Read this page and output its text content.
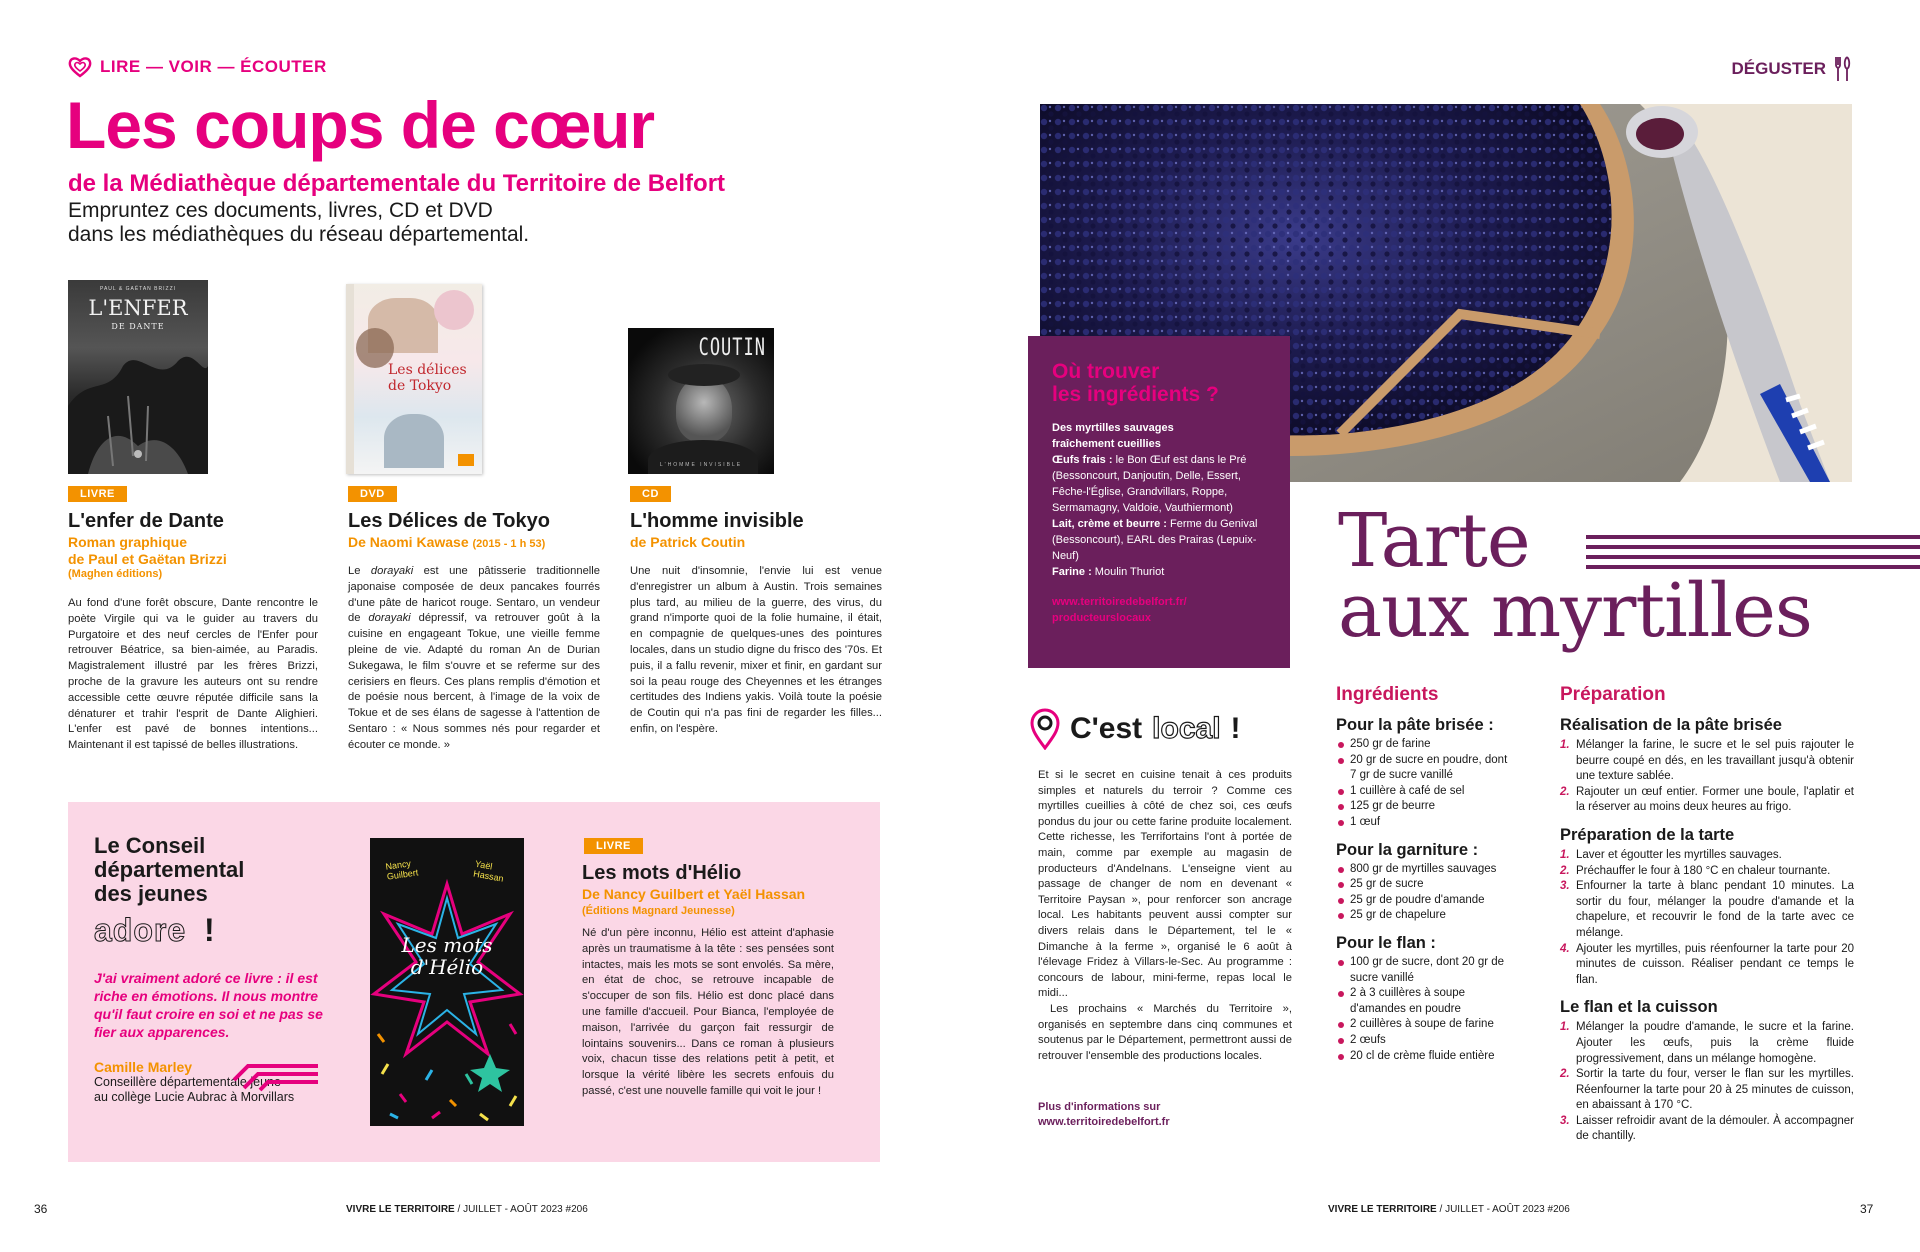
LIRE — VOIR — ÉCOUTER
Les coups de cœur
de la Médiathèque départementale du Territoire de Belfort
Empruntez ces documents, livres, CD et DVD
dans les médiathèques du réseau départemental.
PAUL & GAËTAN BRIZZI
L'ENFER
DE DANTE
LIVRE
L'enfer de Dante
Roman graphique
de Paul et Gaëtan Brizzi
(Maghen éditions)
Au fond d'une forêt obscure, Dante rencontre le poète Virgile qui va le guider au travers du Purgatoire et des neuf cercles de l'Enfer pour retrouver Béatrice, sa bien-aimée, au Paradis. Magistralement illustré par les frères Brizzi, proche de la gravure les auteurs ont su rendre accessible cette œuvre réputée difficile sans la dénaturer et trahir l'esprit de Dante Alighieri. L'enfer est pavé de bonnes intentions... Maintenant il est tapissé de belles illustrations.
Les délices de Tokyo
DVD
Les Délices de Tokyo
De Naomi Kawase (2015 - 1 h 53)
Le dorayaki est une pâtisserie traditionnelle japonaise composée de deux pancakes fourrés d'une pâte de haricot rouge. Sentaro, un vendeur de dorayaki dépressif, va retrouver goût à la cuisine en engageant Tokue, une vieille femme pleine de vie. Adapté du roman An de Durian Sukegawa, le film s'ouvre et se referme sur des cerisiers en fleurs. Ces plans remplis d'émotion et de poésie nous bercent, à l'image de la voix de Tokue et de ses élans de sagesse à l'attention de Sentaro : « Nous sommes nés pour regarder et écouter ce monde. »
COUTIN
L'HOMME INVISIBLE
CD
L'homme invisible
de Patrick Coutin
Une nuit d'insomnie, l'envie lui est venue d'enregistrer un album à Austin. Trois semaines plus tard, au milieu de la guerre, des virus, du grand n'importe quoi de la folie humaine, il était, en compagnie de quelques-unes des pointures locales, dans un studio digne du frisco des '70s. Et puis, il a fallu revenir, mixer et finir, en gardant sur soi la peau rouge des Cheyennes et les étranges certitudes des Indiens yakis. Voilà toute la poésie de Coutin qui n'a pas fini de regarder les filles... enfin, on l'espère.
Le Conseil
départemental
des jeunes
adore !
J'ai vraiment adoré ce livre : il est riche en émotions. Il nous montre qu'il faut croire en soi et ne pas se fier aux apparences.
Camille Marley
Conseillère départementale jeune
au collège Lucie Aubrac à Morvillars
Nancy Guilbert
Yaël Hassan
Les mots
d'Hélio
LIVRE
Les mots d'Hélio
De Nancy Guilbert et Yaël Hassan
(Éditions Magnard Jeunesse)
Né d'un père inconnu, Hélio est atteint d'aphasie après un traumatisme à la tête : ses pensées sont intactes, mais les mots se sont envolés. Sa mère, en état de choc, se retrouve incapable de s'occuper de son fils. Hélio est donc placé dans une famille d'accueil. Pour Bianca, l'employée de maison, l'arrivée du garçon fait ressurgir de lointains souvenirs... Dans ce roman à plusieurs voix, chacun tisse des relations petit à petit, et lorsque la vérité libère les secrets enfouis du passé, c'est une nouvelle famille qui voit le jour !
36	VIVRE LE TERRITOIRE / JUILLET - AOÛT 2023 #206
DÉGUSTER
Où trouver
les ingrédients ?

Des myrtilles sauvages
fraîchement cueillies

Œufs frais : le Bon Œuf est dans le Pré (Bessoncourt, Danjoutin, Delle, Essert, Fêche-l'Église, Grandvillars, Roppe, Sermamagny, Valdoie, Vauthiermont)

Lait, crème et beurre : Ferme du Genival (Bessoncourt), EARL des Prairas (Lepuix-Neuf)

Farine : Moulin Thuriot

www.territoiredebelfort.fr/
producteurslocaux
Tarte
aux myrtilles
C'est local !
Et si le secret en cuisine tenait à ces produits simples et naturels du terroir ? Comme ces myrtilles cueillies à côté de chez soi, ces œufs pondus du jour ou cette farine produite localement. Cette richesse, les Terrifortains l'ont à portée de main, comme par exemple au magasin de producteurs d'Andelnans. L'enseigne vient au passage de changer de nom en devenant « Territoire Paysan », pour renforcer son ancrage local. Les habitants peuvent aussi compter sur divers relais dans le Département, tel le « Dimanche à la ferme », organisé le 6 août à l'élevage Fridez à Villars-le-Sec. Au programme : concours de labour, mini-ferme, repas local le midi...
Les prochains « Marchés du Territoire », organisés en septembre dans cinq communes et soutenus par le Département, permettront aussi de retrouver l'ensemble des productions locales.
Plus d'informations sur
www.territoiredebelfort.fr
Ingrédients
Pour la pâte brisée :
250 gr de farine
20 gr de sucre en poudre, dont 7 gr de sucre vanillé
1 cuillère à café de sel
125 gr de beurre
1 œuf
Pour la garniture :
800 gr de myrtilles sauvages
25 gr de sucre
25 gr de poudre d'amande
25 gr de chapelure
Pour le flan :
100 gr de sucre, dont 20 gr de sucre vanillé
2 à 3 cuillères à soupe d'amandes en poudre
2 cuillères à soupe de farine
2 œufs
20 cl de crème fluide entière
Préparation
Réalisation de la pâte brisée
1. Mélanger la farine, le sucre et le sel puis rajouter le beurre coupé en dés, en les travaillant jusqu'à obtenir une texture sablée.
2. Rajouter un œuf entier. Former une boule, l'aplatir et la réserver au moins deux heures au frigo.
Préparation de la tarte
1. Laver et égoutter les myrtilles sauvages.
2. Préchauffer le four à 180 °C en chaleur tournante.
3. Enfourner la tarte à blanc pendant 10 minutes. La sortir du four, mélanger la poudre d'amande et la chapelure, et recouvrir le fond de la tarte avec ce mélange.
4. Ajouter les myrtilles, puis réenfourner la tarte pour 20 minutes de cuisson. Réaliser pendant ce temps le flan.
Le flan et la cuisson
1. Mélanger la poudre d'amande, le sucre et la farine. Ajouter les œufs, puis la crème fluide progressivement, dans un mélange homogène.
2. Sortir la tarte du four, verser le flan sur les myrtilles. Réenfourner la tarte pour 20 à 25 minutes de cuisson, en abaissant à 170 °C.
3. Laisser refroidir avant de la démouler. À accompagner de chantilly.
VIVRE LE TERRITOIRE / JUILLET - AOÛT 2023 #206	37
